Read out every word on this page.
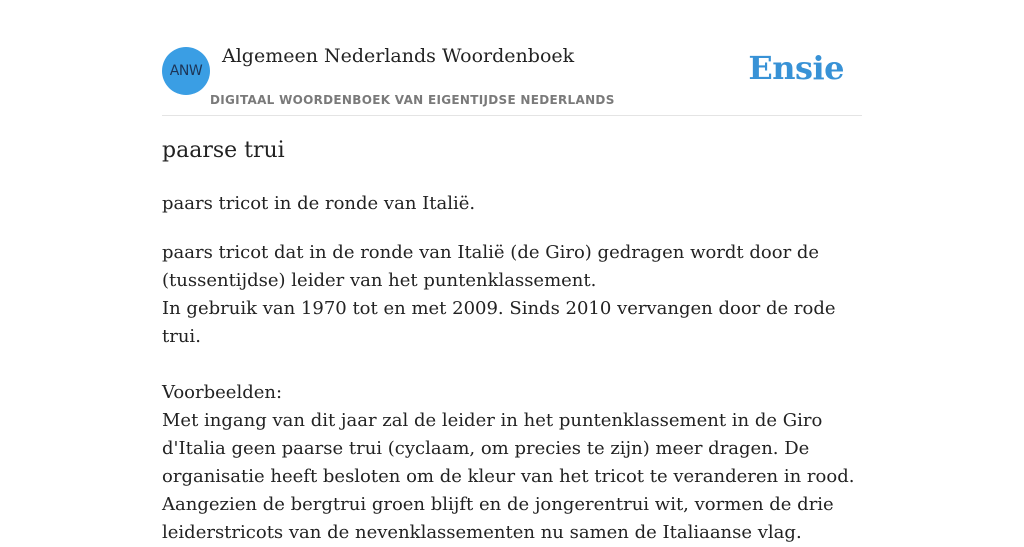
ANW
Algemeen Nederlands Woordenboek
DIGITAAL WOORDENBOEK VAN EIGENTIJDSE NEDERLANDS
Ensie
paarse trui

paars tricot in de ronde van Italië.

paars tricot dat in de ronde van Italië (de Giro) gedragen wordt door de (tussentijdse) leider van het puntenklassement.

In gebruik van 1970 tot en met 2009. Sinds 2010 vervangen door de rode trui.

Voorbeelden:

Met ingang van dit jaar zal de leider in het puntenklassement in de Giro d'Italia geen paarse trui (cyclaam, om precies te zijn) meer dragen. De organisatie heeft besloten om de kleur van het tricot te veranderen in rood. Aangezien de bergtrui groen blijft en de jongerentrui wit, vormen de drie leiderstricots van de nevenklassementen nu samen de Italiaanse vlag.
